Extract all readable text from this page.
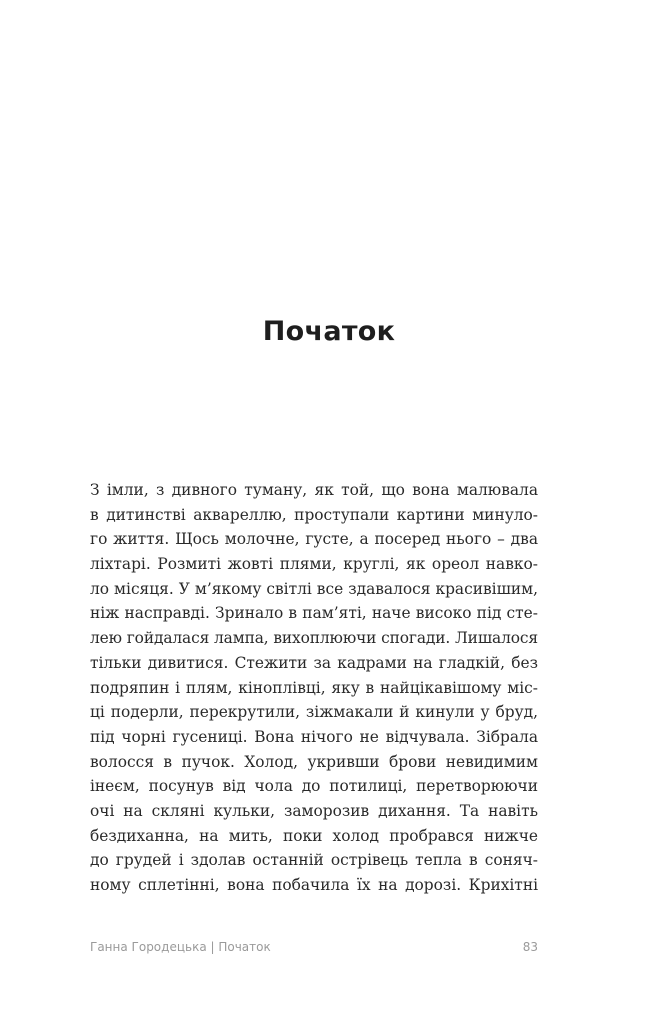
Початок
З імли, з дивного туману, як той, що вона малювала
в дитинстві аквареллю, проступали картини минуло-
го життя. Щось молочне, густе, а посеред нього – два
ліхтарі. Розмиті жовті плями, круглі, як ореол навко-
ло місяця. У м’якому світлі все здавалося красивішим,
ніж насправді. Зринало в пам’яті, наче високо під сте-
лею гойдалася лампа, вихоплюючи спогади. Лишалося
тільки дивитися. Стежити за кадрами на гладкій, без
подряпин і плям, кіноплівці, яку в найцікавішому міс-
ці подерли, перекрутили, зіжмакали й кинули у бруд,
під чорні гусениці. Вона нічого не відчувала. Зібрала
волосся в пучок. Холод, укривши брови невидимим
інеєм, посунув від чола до потилиці, перетворюючи
очі на скляні кульки, заморозив дихання. Та навіть
бездиханна, на мить, поки холод пробрався нижче
до грудей і здолав останній острівець тепла в соняч-
ному сплетінні, вона побачила їх на дорозі. Крихітні
Ганна Городецька | Початок	83
